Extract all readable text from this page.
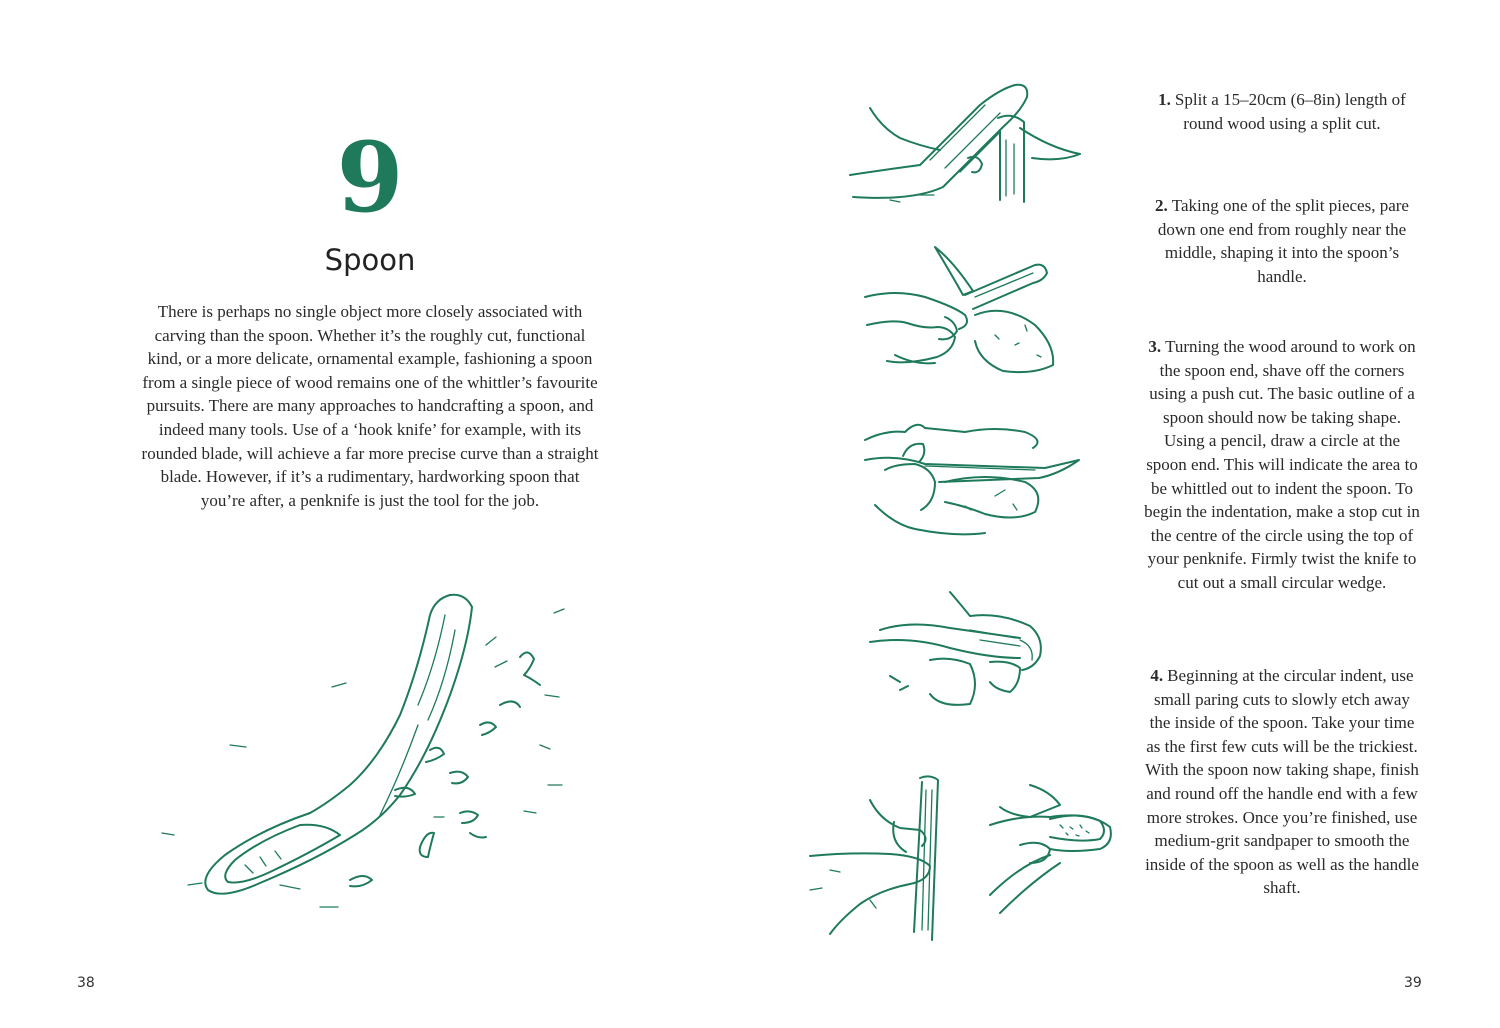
9
Spoon
There is perhaps no single object more closely associated with carving than the spoon. Whether it’s the roughly cut, functional kind, or a more delicate, ornamental example, fashioning a spoon from a single piece of wood remains one of the whittler’s favourite pursuits. There are many approaches to handcrafting a spoon, and indeed many tools. Use of a ‘hook knife’ for example, with its rounded blade, will achieve a far more precise curve than a straight blade. However, if it’s a rudimentary, hardworking spoon that you’re after, a penknife is just the tool for the job.
38
1. Split a 15–20cm (6–8in) length of round wood using a split cut.
2. Taking one of the split pieces, pare down one end from roughly near the middle, shaping it into the spoon’s handle.
3. Turning the wood around to work on the spoon end, shave off the corners using a push cut. The basic outline of a spoon should now be taking shape. Using a pencil, draw a circle at the spoon end. This will indicate the area to be whittled out to indent the spoon. To begin the indentation, make a stop cut in the centre of the circle using the top of your penknife. Firmly twist the knife to cut out a small circular wedge.
4. Beginning at the circular indent, use small paring cuts to slowly etch away the inside of the spoon. Take your time as the first few cuts will be the trickiest. With the spoon now taking shape, finish and round off the handle end with a few more strokes. Once you’re finished, use medium-grit sandpaper to smooth the inside of the spoon as well as the handle shaft.
39
